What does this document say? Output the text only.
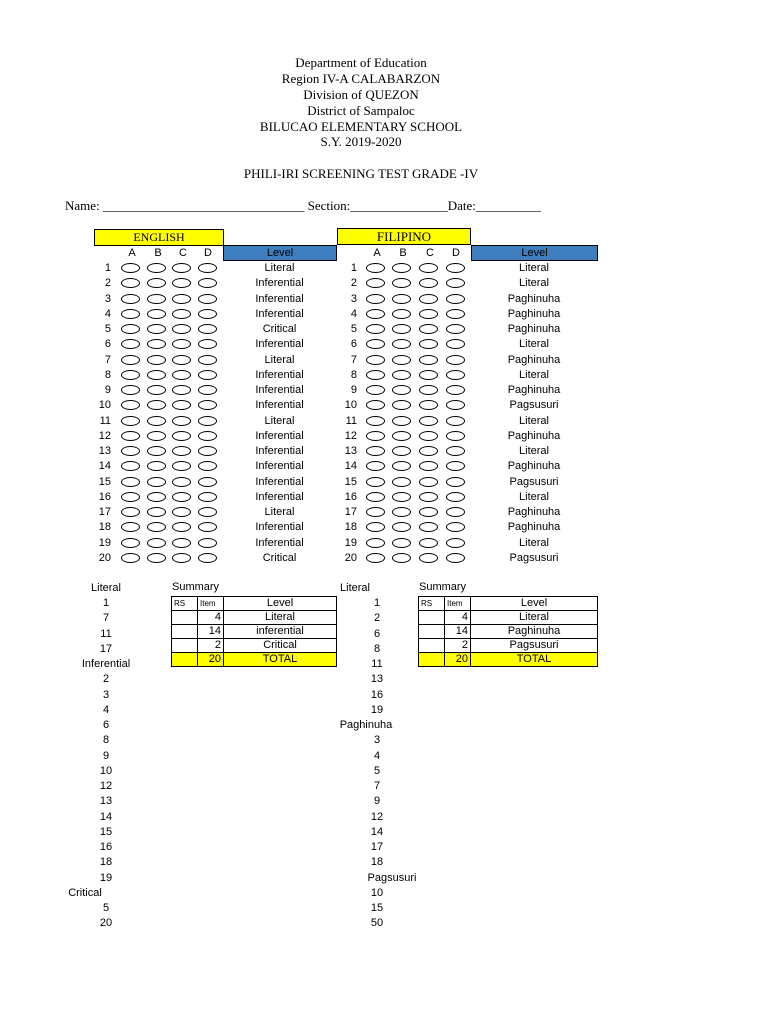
Department of Education
Region IV-A CALABARZON
Division of QUEZON
District of Sampaloc
BILUCAO ELEMENTARY SCHOOL
S.Y. 2019-2020
PHILI-IRI SCREENING TEST GRADE -IV
Name: _______________________________ Section:_______________Date:__________
ENGLISH	FILIPINO
Level	Level
A B C D	A B C D
1	Literal
2	Inferential
3	Inferential
4	Inferential
5	Critical
6	Inferential
7	Literal
8	Inferential
9	Inferential
10	Inferential
11	Literal
12	Inferential
13	Inferential
14	Inferential
15	Inferential
16	Inferential
17	Literal
18	Inferential
19	Inferential
20	Critical
1	Literal
2	Literal
3	Paghinuha
4	Paghinuha
5	Paghinuha
6	Literal
7	Paghinuha
8	Literal
9	Paghinuha
10	Pagsusuri
11	Literal
12	Paghinuha
13	Literal
14	Paghinuha
15	Pagsusuri
16	Literal
17	Paghinuha
18	Paghinuha
19	Literal
20	Pagsusuri
Summary	Summary
$^{RS}$	$^{Item}$	Level
	4	Literal
	14	inferential
	2	Critical
	20	TOTAL
$^{RS}$	$^{Item}$	Level
	4	Literal
	14	Paghinuha
	2	Pagsusuri
	20	TOTAL
Literal
1
7
11
17
Inferential
2
3
4
6
8
9
10
12
13
14
15
16
18
19
Critical
5
20
Literal
1
2
6
8
11
13
16
19
Paghinuha
3
4
5
7
9
12
14
17
18
Pagsusuri
10
15
50
